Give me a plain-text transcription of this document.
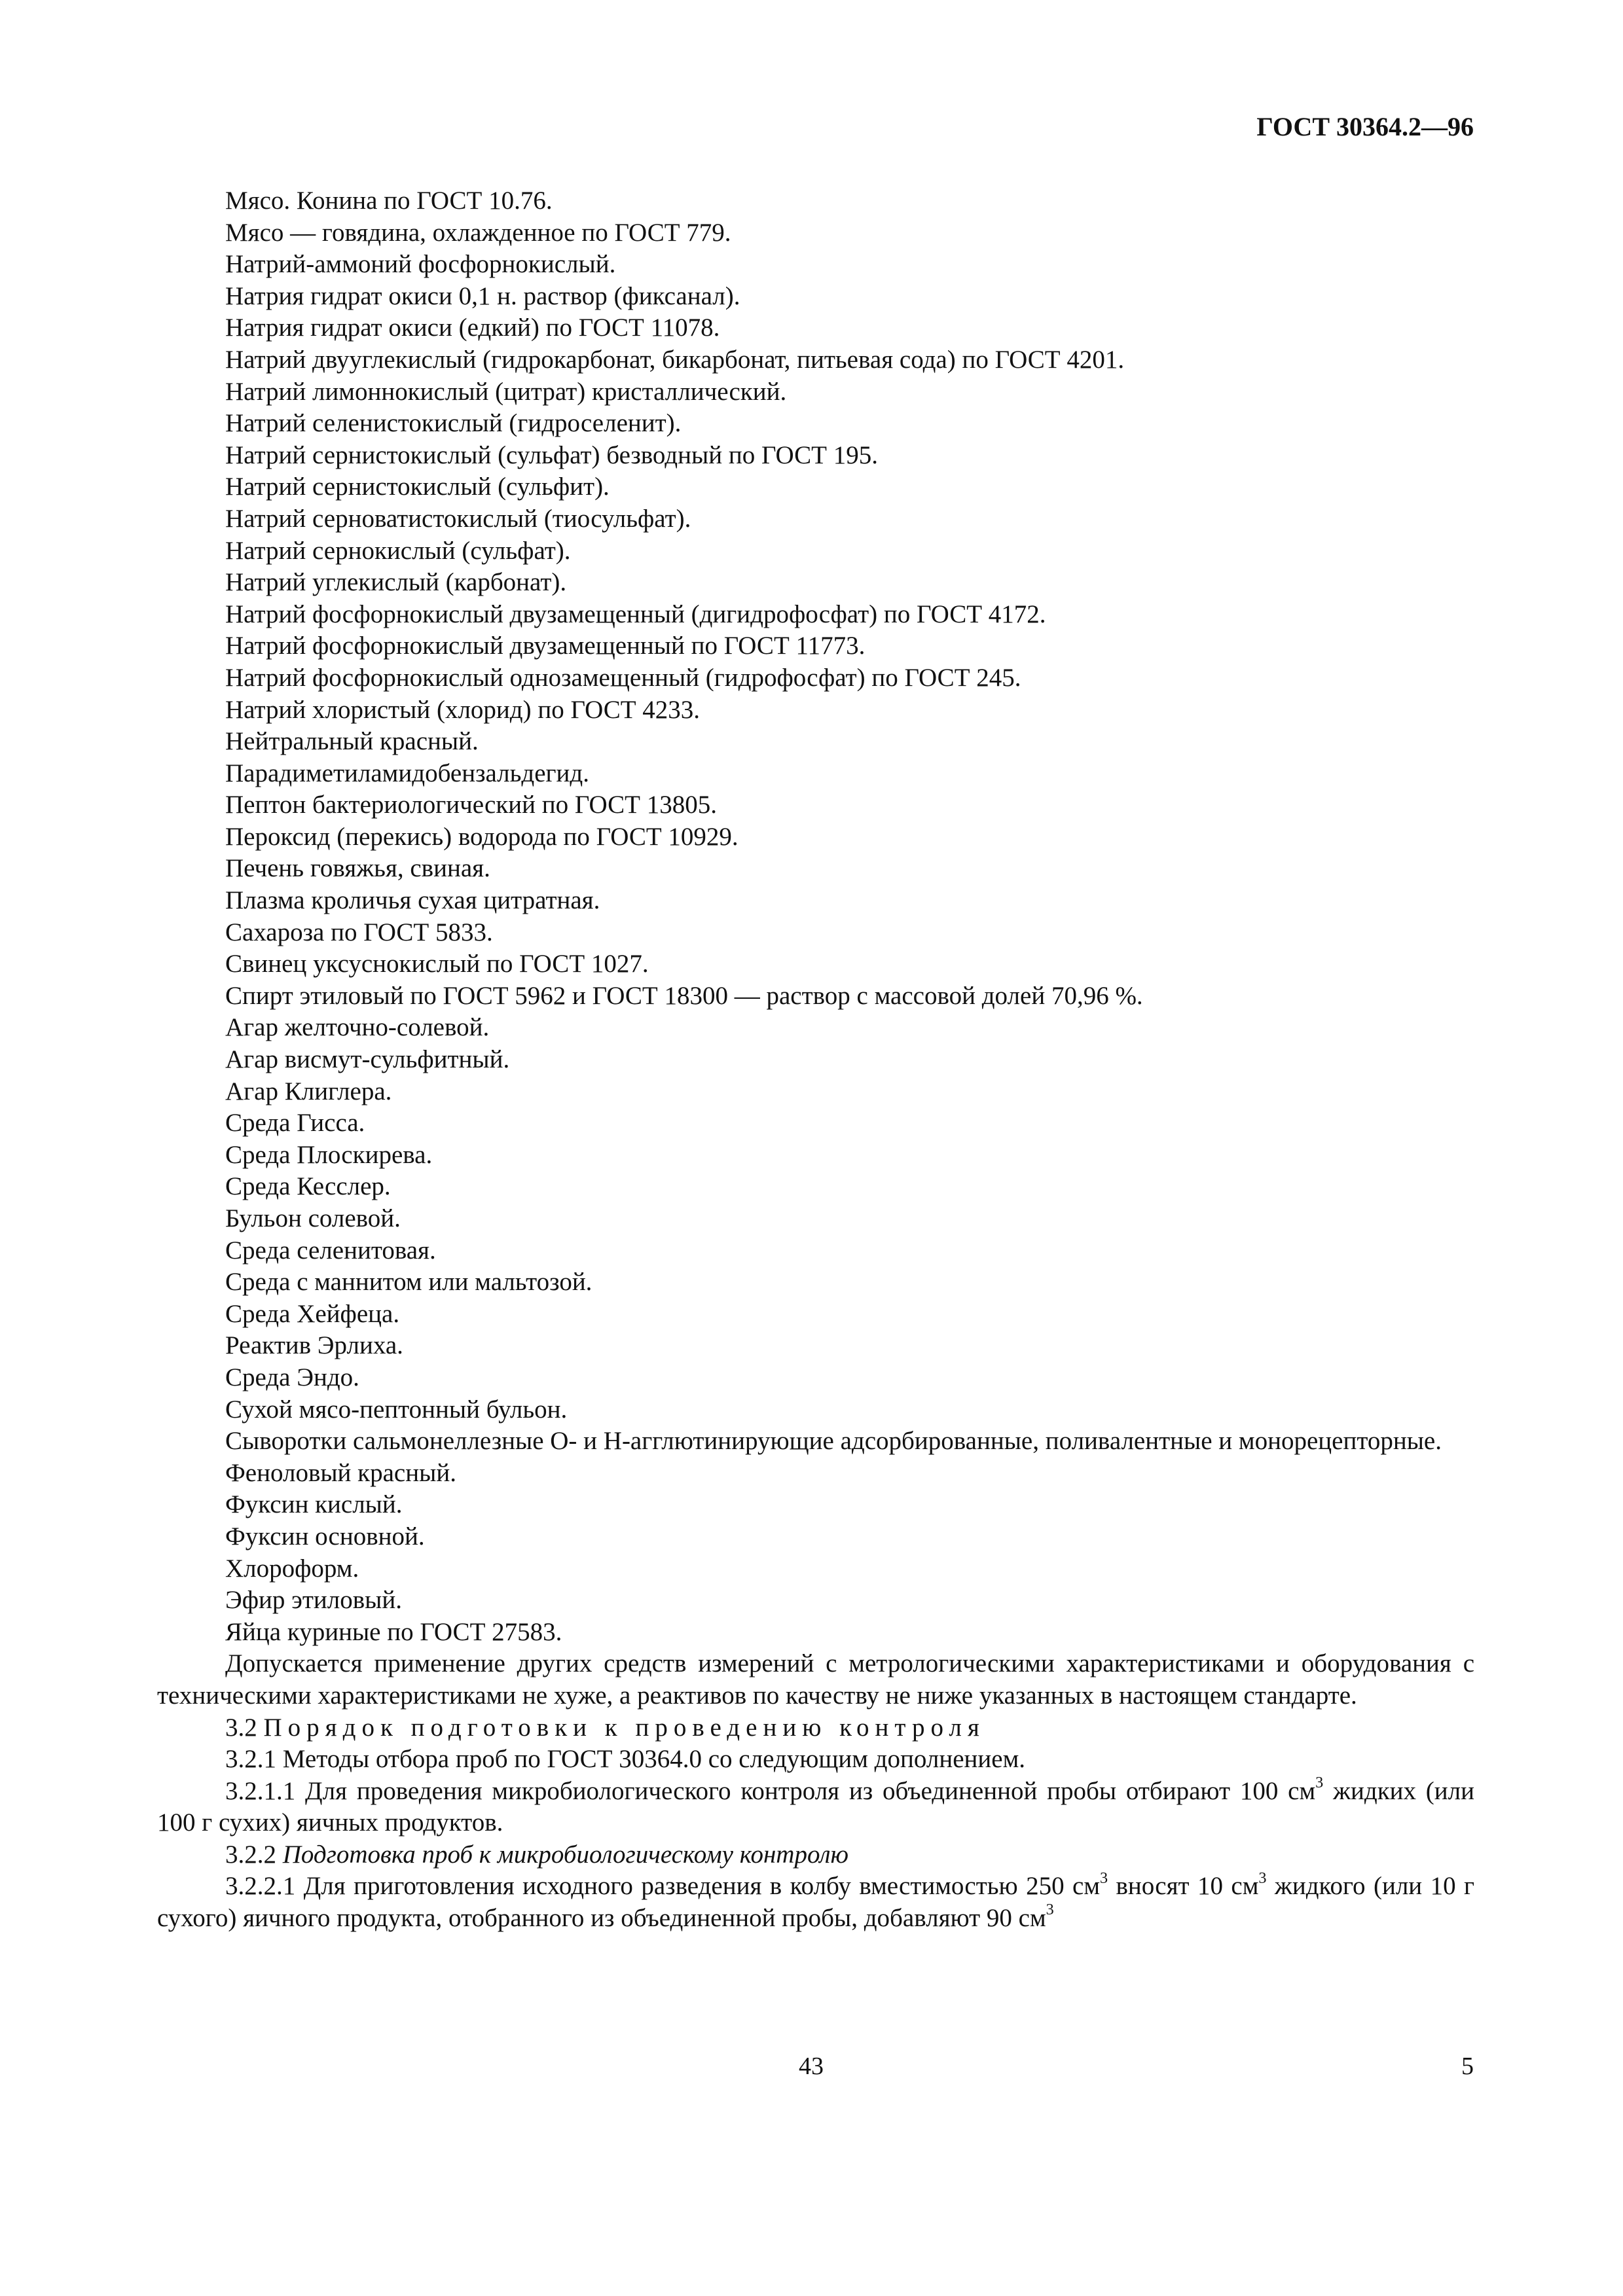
ГОСТ 30364.2—96

Мясо. Конина по ГОСТ 10.76.

Мясо — говядина, охлажденное по ГОСТ 779.

Натрий-аммоний фосфорнокислый.

Натрия гидрат окиси 0,1 н. раствор (фиксанал).

Натрия гидрат окиси (едкий) по ГОСТ 11078.

Натрий двууглекислый (гидрокарбонат, бикарбонат, питьевая сода) по ГОСТ 4201.

Натрий лимоннокислый (цитрат) кристаллический.

Натрий селенистокислый (гидроселенит).

Натрий сернистокислый (сульфат) безводный по ГОСТ 195.

Натрий сернистокислый (сульфит).

Натрий серноватистокислый (тиосульфат).

Натрий сернокислый (сульфат).

Натрий углекислый (карбонат).

Натрий фосфорнокислый двузамещенный (дигидрофосфат) по ГОСТ 4172.

Натрий фосфорнокислый двузамещенный по ГОСТ 11773.

Натрий фосфорнокислый однозамещенный (гидрофосфат) по ГОСТ 245.

Натрий хлористый (хлорид) по ГОСТ 4233.

Нейтральный красный.

Парадиметиламидобензальдегид.

Пептон бактериологический по ГОСТ 13805.

Пероксид (перекись) водорода по ГОСТ 10929.

Печень говяжья, свиная.

Плазма кроличья сухая цитратная.

Сахароза по ГОСТ 5833.

Свинец уксуснокислый по ГОСТ 1027.

Спирт этиловый по ГОСТ 5962 и ГОСТ 18300 — раствор с массовой долей 70,96 %.

Агар желточно-солевой.

Агар висмут-сульфитный.

Агар Клиглера.

Среда Гисса.

Среда Плоскирева.

Среда Кесслер.

Бульон солевой.

Среда селенитовая.

Среда с маннитом или мальтозой.

Среда Хейфеца.

Реактив Эрлиха.

Среда Эндо.

Сухой мясо-пептонный бульон.

Сыворотки сальмонеллезные О- и Н-агглютинирующие адсорбированные, поливалентные и монорецепторные.

Феноловый красный.

Фуксин кислый.

Фуксин основной.

Хлороформ.

Эфир этиловый.

Яйца куриные по ГОСТ 27583.

Допускается применение других средств измерений с метрологическими характеристиками и оборудования с техническими характеристиками не хуже, а реактивов по качеству не ниже указанных в настоящем стандарте.

3.2 Порядок подготовки к проведению контроля

3.2.1 Методы отбора проб по ГОСТ 30364.0 со следующим дополнением.

3.2.1.1 Для проведения микробиологического контроля из объединенной пробы отбирают 100 $см^3$ жидких (или 100 г сухих) яичных продуктов.

3.2.2 Подготовка проб к микробиологическому контролю

3.2.2.1 Для приготовления исходного разведения в колбу вместимостью 250 $см^3$ вносят 10 $см^3$ жидкого (или 10 г сухого) яичного продукта, отобранного из объединенной пробы, добавляют 90 $см^3$

43	5
